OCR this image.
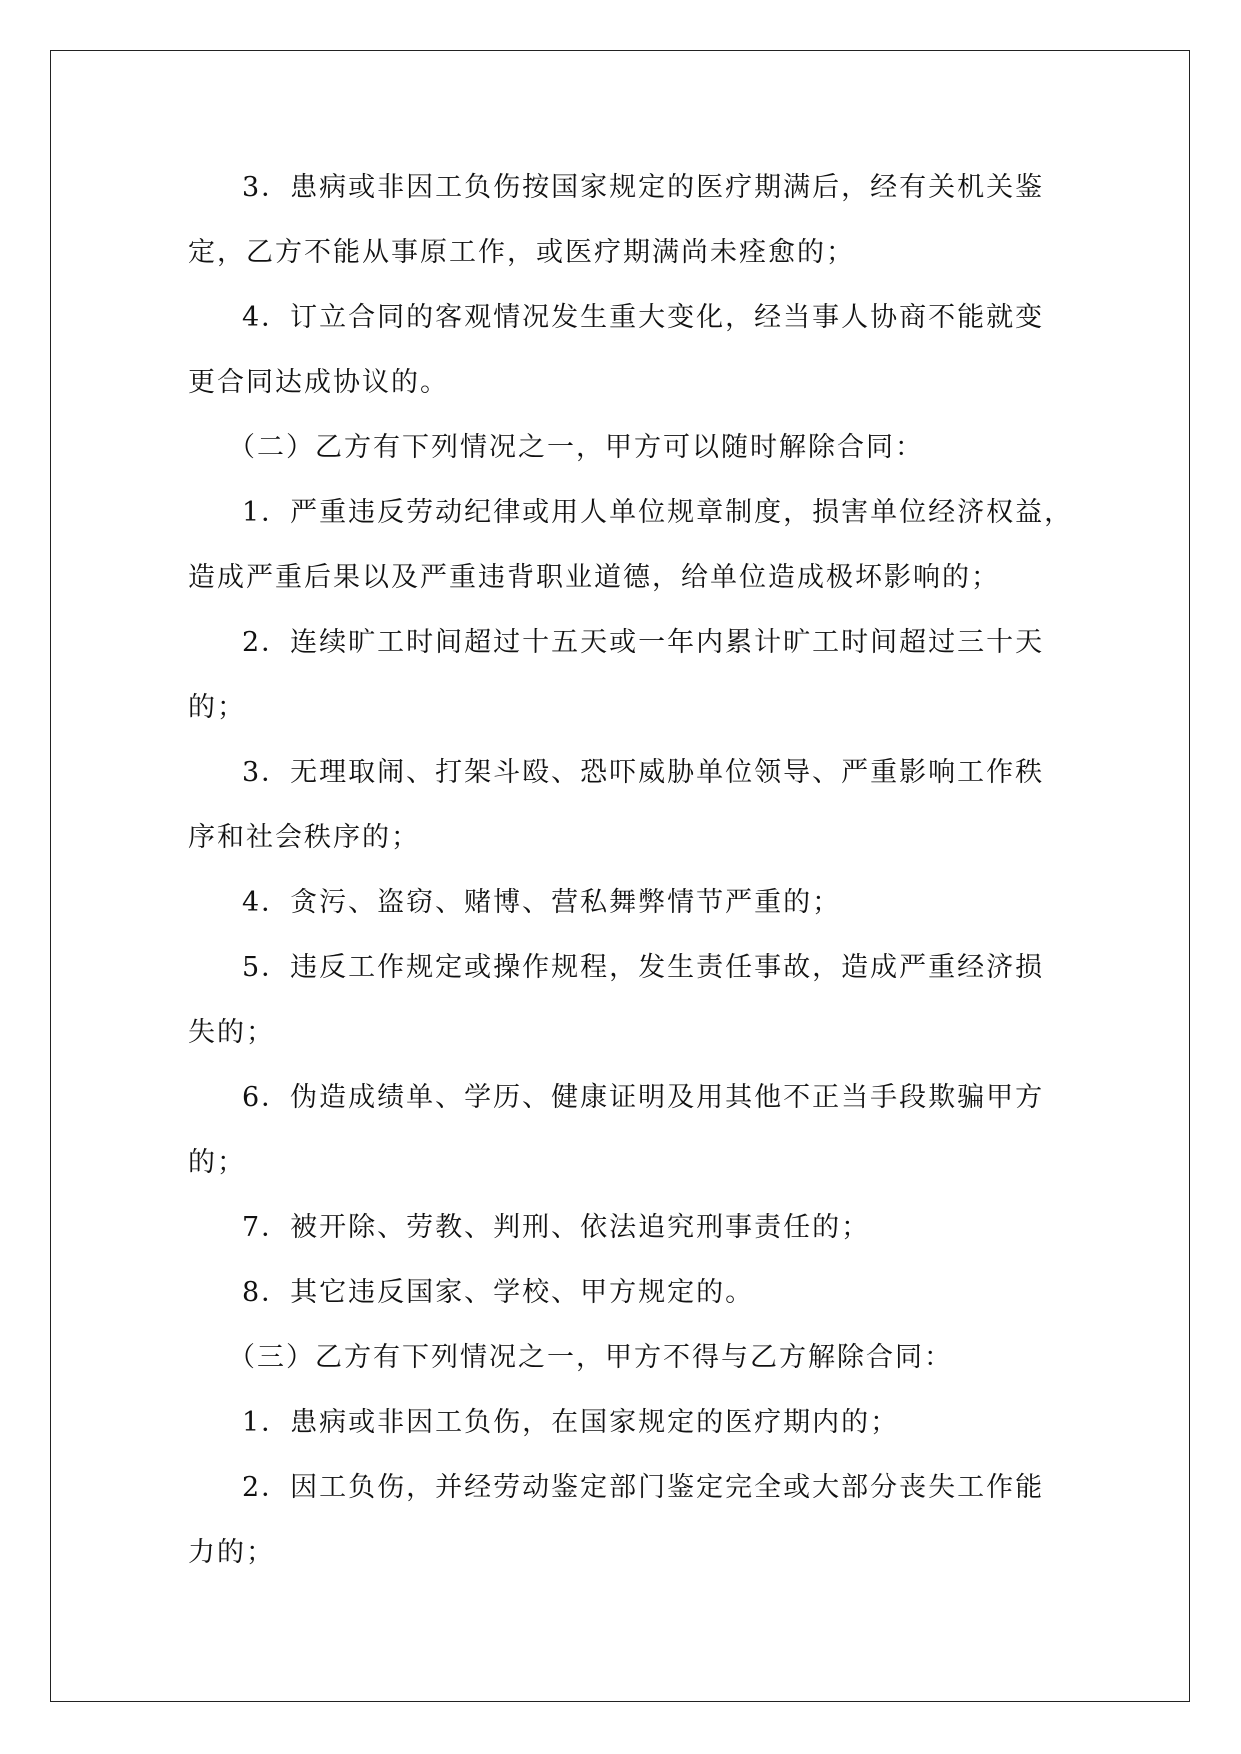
3．患病或非因工负伤按国家规定的医疗期满后，经有关机关鉴
定，乙方不能从事原工作，或医疗期满尚未痊愈的；
4．订立合同的客观情况发生重大变化，经当事人协商不能就变
更合同达成协议的。
（二）乙方有下列情况之一，甲方可以随时解除合同：
1．严重违反劳动纪律或用人单位规章制度，损害单位经济权益，
造成严重后果以及严重违背职业道德，给单位造成极坏影响的；
2．连续旷工时间超过十五天或一年内累计旷工时间超过三十天
的；
3．无理取闹、打架斗殴、恐吓威胁单位领导、严重影响工作秩
序和社会秩序的；
4．贪污、盗窃、赌博、营私舞弊情节严重的；
5．违反工作规定或操作规程，发生责任事故，造成严重经济损
失的；
6．伪造成绩单、学历、健康证明及用其他不正当手段欺骗甲方
的；
7．被开除、劳教、判刑、依法追究刑事责任的；
8．其它违反国家、学校、甲方规定的。
（三）乙方有下列情况之一，甲方不得与乙方解除合同：
1．患病或非因工负伤，在国家规定的医疗期内的；
2．因工负伤，并经劳动鉴定部门鉴定完全或大部分丧失工作能
力的；
